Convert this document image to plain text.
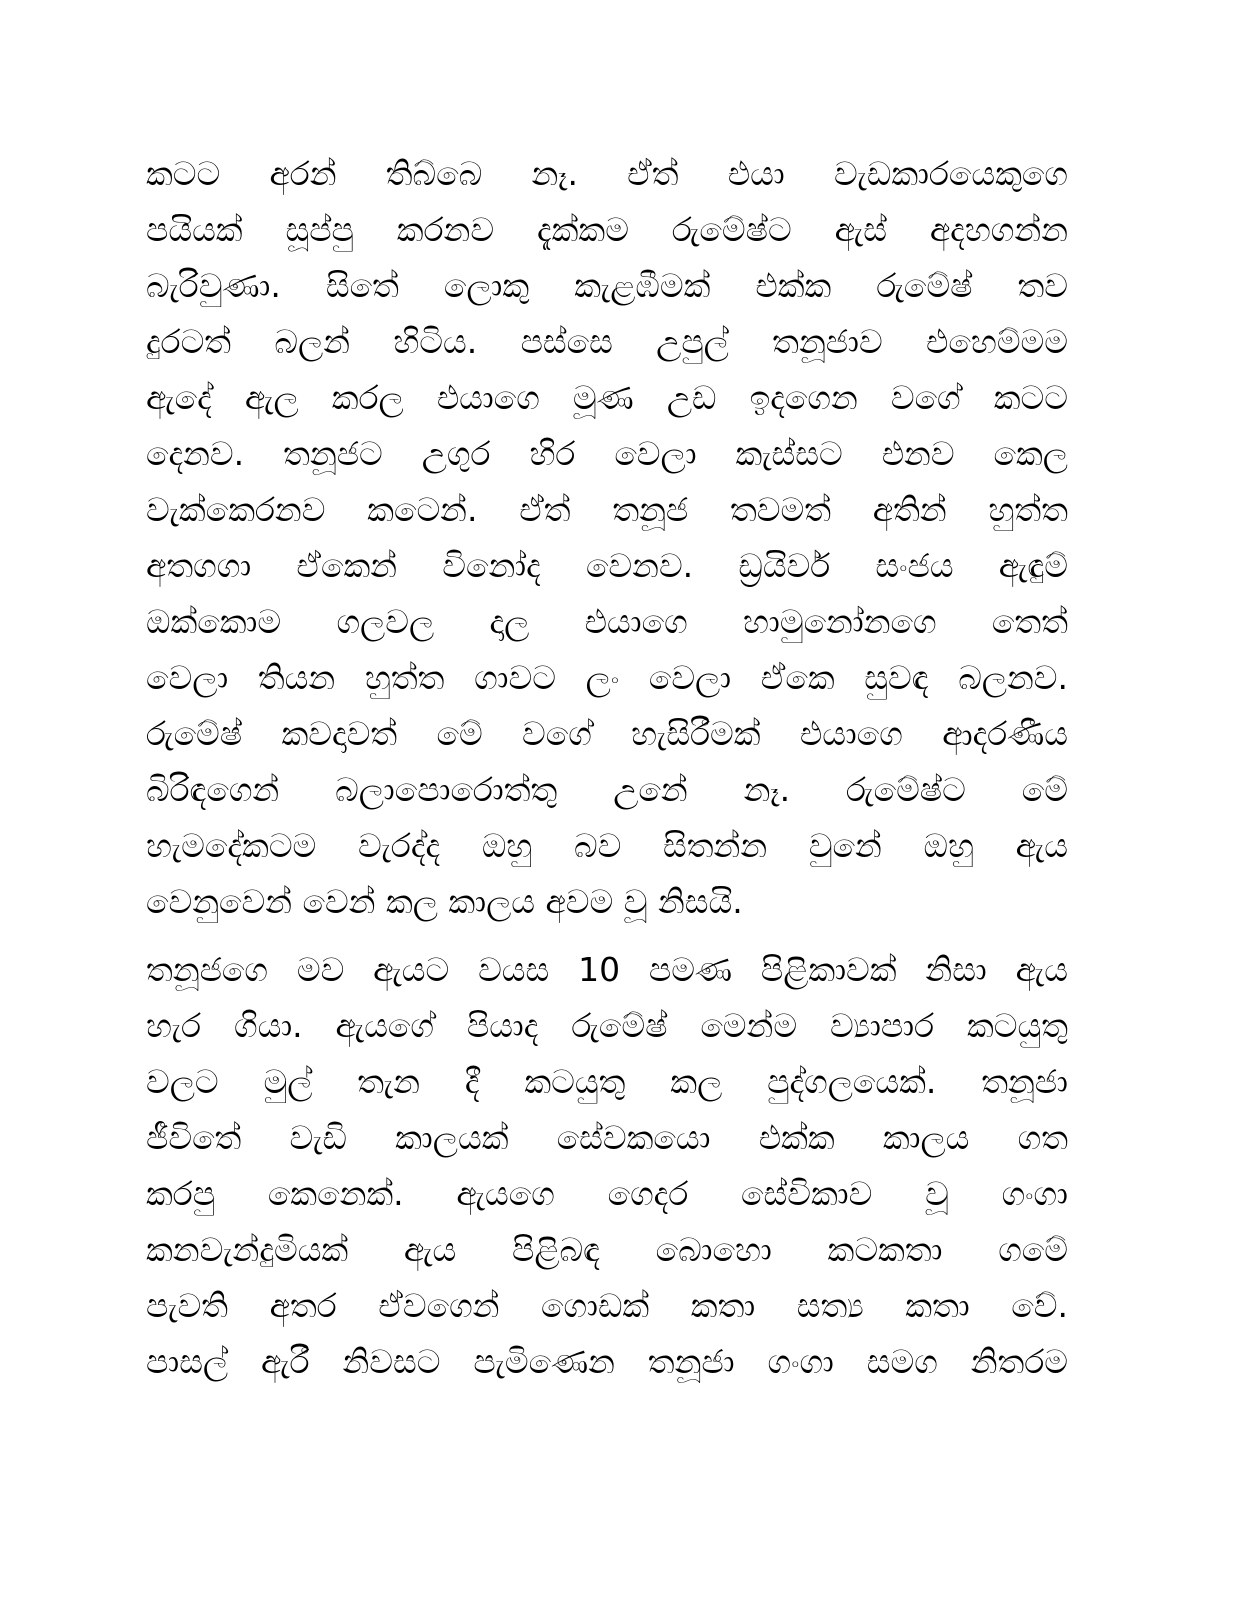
කටට අරන් තිබ්බෙ නෑ. ඒත් එයා වැඩකාරයෙකුගෙ
පයියක් සූප්පු කරනව දැක්කම රුමේෂ්ට ඇස් අදහගන්න
බැරිවුණා. සිතේ ලොකු කැළඹීමක් එක්ක රුමේෂ් තව
දුරටත් බලන් හිටිය. පස්සෙ උපුල් තනූජාව එහෙම්මම
ඇදේ ඇල කරල එයාගෙ මූණ උඩ ඉදගෙන වගේ කටට
දෙනව. තනූජට උගුර හිර වෙලා කැස්සට එනව කෙල
වැක්කෙරනව කටෙන්. ඒත් තනූජ තවමත් අතින් හුත්ත
අතගගා ඒකෙන් විනෝද වෙනව. ඩ්‍රයිවර් සංජය ඇඳුම්
ඔක්කොම ගලවල දාල එයාගෙ හාමුනෝනගෙ තෙත්
වෙලා තියන හුත්ත ගාවට ලං වෙලා ඒකෙ සුවඳ බලනව.
රුමේෂ් කවදාවත් මේ වගේ හැසිරීමක් එයාගෙ ආදරණීය
බිරිඳගෙන් බලාපොරොත්තු උනේ නෑ. රුමේෂ්ට මේ
හැමදේකටම වැරද්ද ඔහු බව සිතන්න වුනේ ඔහු ඇය
වෙනුවෙන් වෙන් කල කාලය අවම වූ නිසයි.
තනූජගෙ මව ඇයට වයස 10 පමණ පිළිකාවක් නිසා ඇය
හැර ගියා. ඇයගේ පියාද රුමේෂ් මෙන්ම ව්‍යාපාර කටයුතු
වලට මුල් තැන දී කටයුතු කල පුද්ගලයෙක්. තනූජා
ජීවිතේ වැඩි කාලයක් සේවකයො එක්ක කාලය ගත
කරපු කෙනෙක්. ඇයගෙ ගෙදර සේවිකාව වූ ගංගා
කනවැන්දුමියක් ඇය පිළිබඳ බොහො කටකතා ගමේ
පැවති අතර ඒවගෙන් ගොඩක් කතා සත්‍ය කතා වේ.
පාසල් ඇරී නිවසට පැමිණෙන තනූජා ගංගා සමග නිතරම
